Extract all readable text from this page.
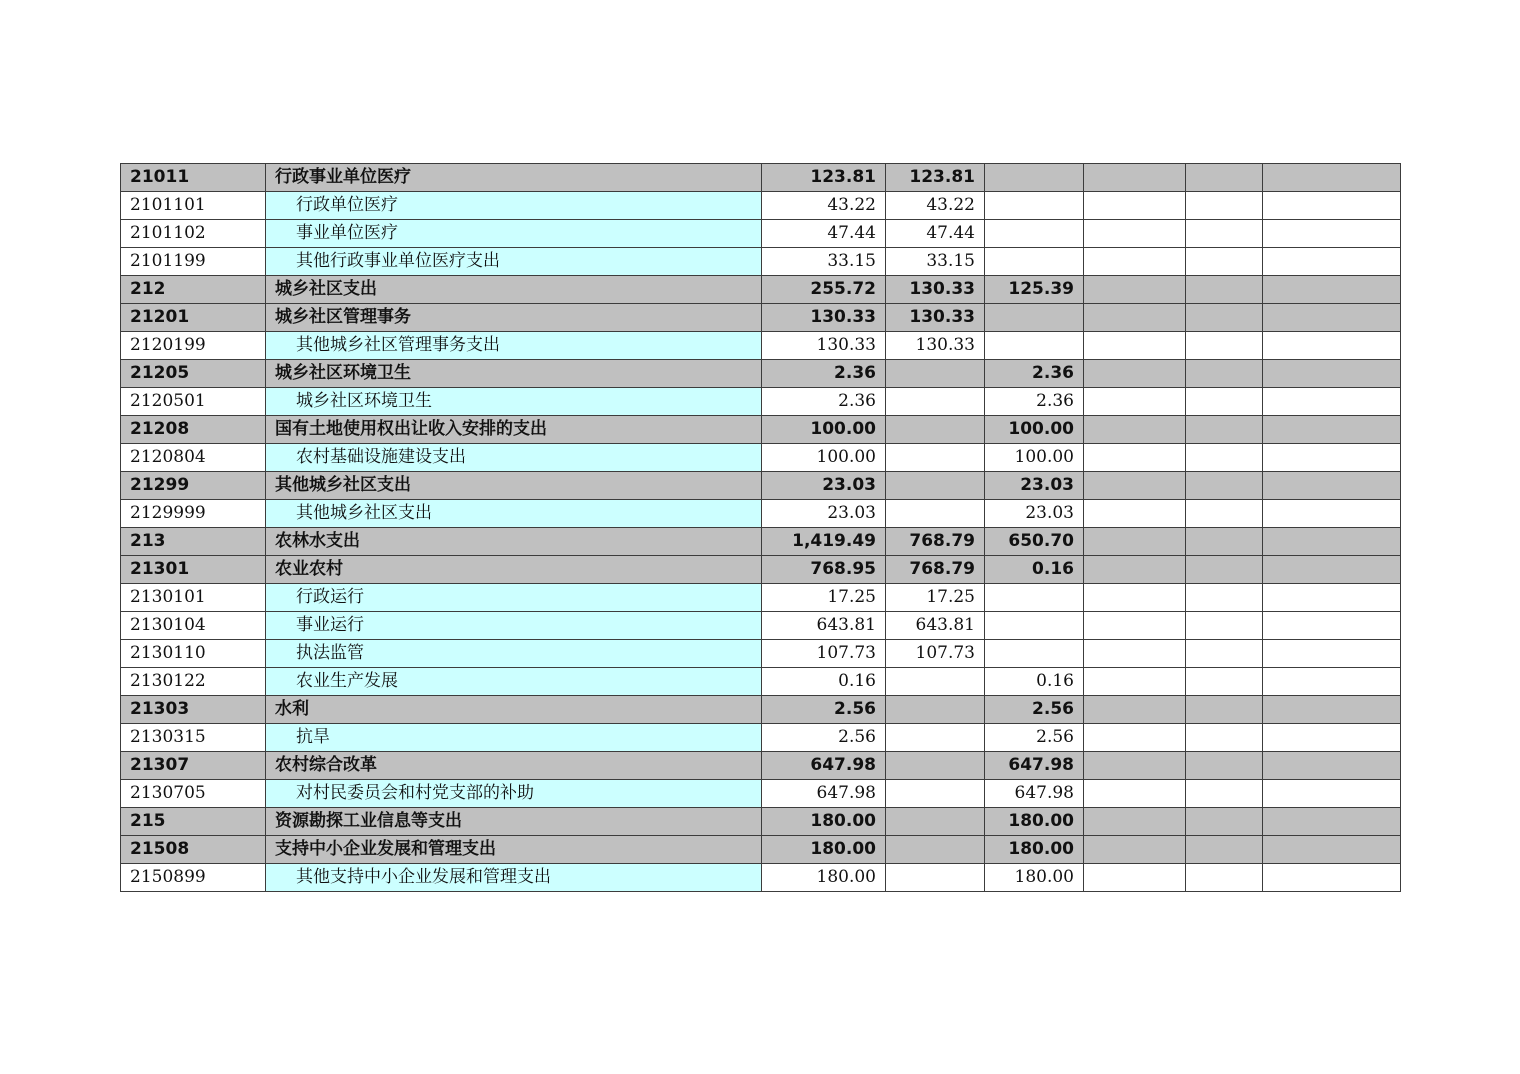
21011	行政事业单位医疗	123.81	123.81				
2101101	行政单位医疗	43.22	43.22				
2101102	事业单位医疗	47.44	47.44				
2101199	其他行政事业单位医疗支出	33.15	33.15				
212	城乡社区支出	255.72	130.33	125.39			
21201	城乡社区管理事务	130.33	130.33				
2120199	其他城乡社区管理事务支出	130.33	130.33				
21205	城乡社区环境卫生	2.36		2.36			
2120501	城乡社区环境卫生	2.36		2.36			
21208	国有土地使用权出让收入安排的支出	100.00		100.00			
2120804	农村基础设施建设支出	100.00		100.00			
21299	其他城乡社区支出	23.03		23.03			
2129999	其他城乡社区支出	23.03		23.03			
213	农林水支出	1,419.49	768.79	650.70			
21301	农业农村	768.95	768.79	0.16			
2130101	行政运行	17.25	17.25				
2130104	事业运行	643.81	643.81				
2130110	执法监管	107.73	107.73				
2130122	农业生产发展	0.16		0.16			
21303	水利	2.56		2.56			
2130315	抗旱	2.56		2.56			
21307	农村综合改革	647.98		647.98			
2130705	对村民委员会和村党支部的补助	647.98		647.98			
215	资源勘探工业信息等支出	180.00		180.00			
21508	支持中小企业发展和管理支出	180.00		180.00			
2150899	其他支持中小企业发展和管理支出	180.00		180.00			
